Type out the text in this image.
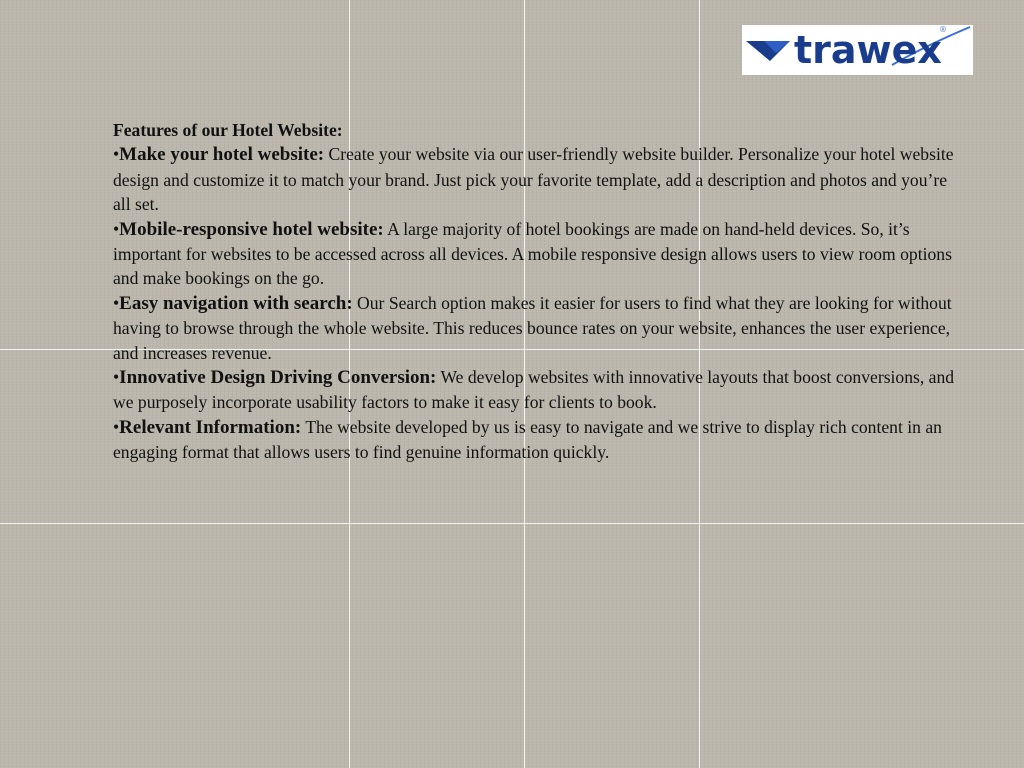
trawex
®

Features of our Hotel Website:

•Make your hotel website: Create your website via our user-friendly website builder. Personalize your hotel website design and customize it to match your brand. Just pick your favorite template, add a description and photos and you’re all set.

•Mobile-responsive hotel website: A large majority of hotel bookings are made on hand-held devices. So, it’s important for websites to be accessed across all devices. A mobile responsive design allows users to view room options and make bookings on the go.

•Easy navigation with search: Our Search option makes it easier for users to find what they are looking for without having to browse through the whole website. This reduces bounce rates on your website, enhances the user experience, and increases revenue.

•Innovative Design Driving Conversion: We develop websites with innovative layouts that boost conversions, and we purposely incorporate usability factors to make it easy for clients to book.

•Relevant Information: The website developed by us is easy to navigate and we strive to display rich content in an engaging format that allows users to find genuine information quickly.
